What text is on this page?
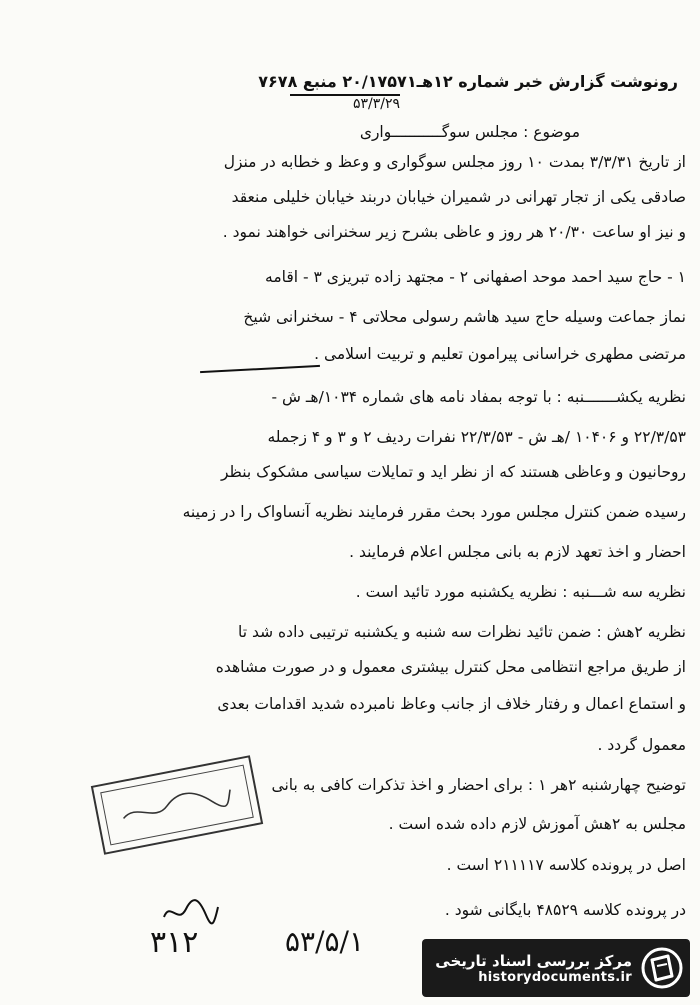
رونوشت گزارش خبر شماره ۱۲هـ۲۰/۱۷۵۷۱ منبع ۷۶۷۸
۵۳/۳/۲۹
موضوع : مجلس سوگـــــــــــواری
از تاریخ ۳/۳/۳۱ بمدت ۱۰ روز مجلس سوگواری و وعظ و خطابه در منزل
صادقی یکی از تجار تهرانی در شمیران خیابان دربند خیابان خلیلی منعقد
و نیز او ساعت ۲۰/۳۰ هر روز و عاظی بشرح زیر سخنرانی خواهند نمود .
۱ - حاج سید احمد موحد اصفهانی ۲ - مجتهد زاده تبریزی ۳ - اقامه
نماز جماعت وسیله حاج سید هاشم رسولی محلاتی ۴ - سخنرانی شیخ
مرتضی مطهری خراسانی پیرامون تعلیم و تربیت اسلامی .
نظریه یکشـــــــنبه : با توجه بمفاد نامه های شماره ۱۰۳۴/هـ ش -
۲۲/۳/۵۳ و ۱۰۴۰۶ /هـ ش - ۲۲/۳/۵۳ نفرات ردیف ۲ و ۳ و ۴ زجمله
روحانیون و وعاظی هستند که از نظر اید و تمایلات سیاسی مشکوک بنظر
رسیده ضمن کنترل مجلس مورد بحث مقرر فرمایند نظریه آنساواک را در زمینه
احضار و اخذ تعهد لازم به بانی مجلس اعلام فرمایند .
نظریه سه شـــنبه : نظریه یکشنبه مورد تائید است .
نظریه ۲هش : ضمن تائید نظرات سه شنبه و یکشنبه ترتیبی داده شد تا
از طریق مراجع انتظامی محل کنترل بیشتری معمول و در صورت مشاهده
و استماع اعمال و رفتار خلاف از جانب وعاظ نامبرده شدید اقدامات بعدی
معمول گردد .
توضیح چهارشنبه ۲هر ۱ : برای احضار و اخذ تذکرات کافی به بانی
مجلس به ۲هش آموزش لازم داده شده است .
اصل در پرونده کلاسه ۲۱۱۱۱۷ است .
در پرونده کلاسه ۴۸۵۲۹ بایگانی شود .
۳۱۲	۵۳/۵/۱
مرکز بررسی اسناد تاریخی
historydocuments.ir
